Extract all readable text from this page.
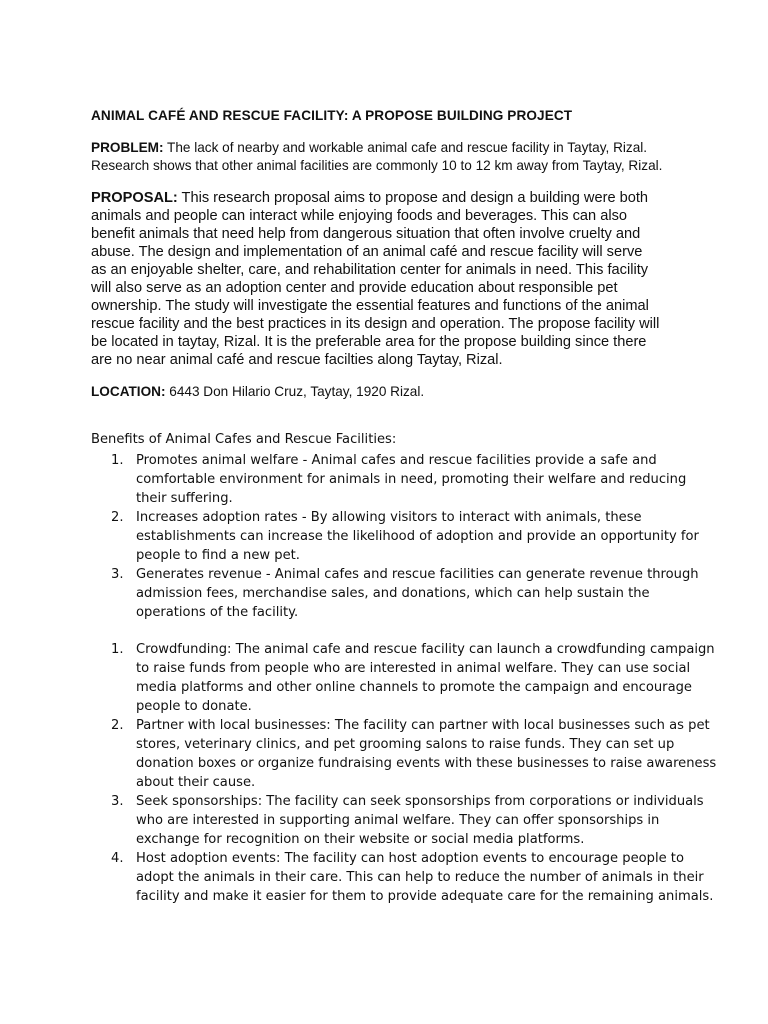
ANIMAL CAFÉ AND RESCUE FACILITY: A PROPOSE BUILDING PROJECT
PROBLEM: The lack of nearby and workable animal cafe and rescue facility in Taytay, Rizal.
Research shows that other animal facilities are commonly 10 to 12 km away from Taytay, Rizal.
PROPOSAL: This research proposal aims to propose and design a building were both
animals and people can interact while enjoying foods and beverages. This can also
benefit animals that need help from dangerous situation that often involve cruelty and
abuse. The design and implementation of an animal café and rescue facility will serve
as an enjoyable shelter, care, and rehabilitation center for animals in need. This facility
will also serve as an adoption center and provide education about responsible pet
ownership. The study will investigate the essential features and functions of the animal
rescue facility and the best practices in its design and operation. The propose facility will
be located in taytay, Rizal. It is the preferable area for the propose building since there
are no near animal café and rescue facilties along Taytay, Rizal.
LOCATION: 6443 Don Hilario Cruz, Taytay, 1920 Rizal.
Benefits of Animal Cafes and Rescue Facilities:
1. Promotes animal welfare - Animal cafes and rescue facilities provide a safe and
comfortable environment for animals in need, promoting their welfare and reducing
their suffering.
2. Increases adoption rates - By allowing visitors to interact with animals, these
establishments can increase the likelihood of adoption and provide an opportunity for
people to find a new pet.
3. Generates revenue - Animal cafes and rescue facilities can generate revenue through
admission fees, merchandise sales, and donations, which can help sustain the
operations of the facility.
1. Crowdfunding: The animal cafe and rescue facility can launch a crowdfunding campaign
to raise funds from people who are interested in animal welfare. They can use social
media platforms and other online channels to promote the campaign and encourage
people to donate.
2. Partner with local businesses: The facility can partner with local businesses such as pet
stores, veterinary clinics, and pet grooming salons to raise funds. They can set up
donation boxes or organize fundraising events with these businesses to raise awareness
about their cause.
3. Seek sponsorships: The facility can seek sponsorships from corporations or individuals
who are interested in supporting animal welfare. They can offer sponsorships in
exchange for recognition on their website or social media platforms.
4. Host adoption events: The facility can host adoption events to encourage people to
adopt the animals in their care. This can help to reduce the number of animals in their
facility and make it easier for them to provide adequate care for the remaining animals.
